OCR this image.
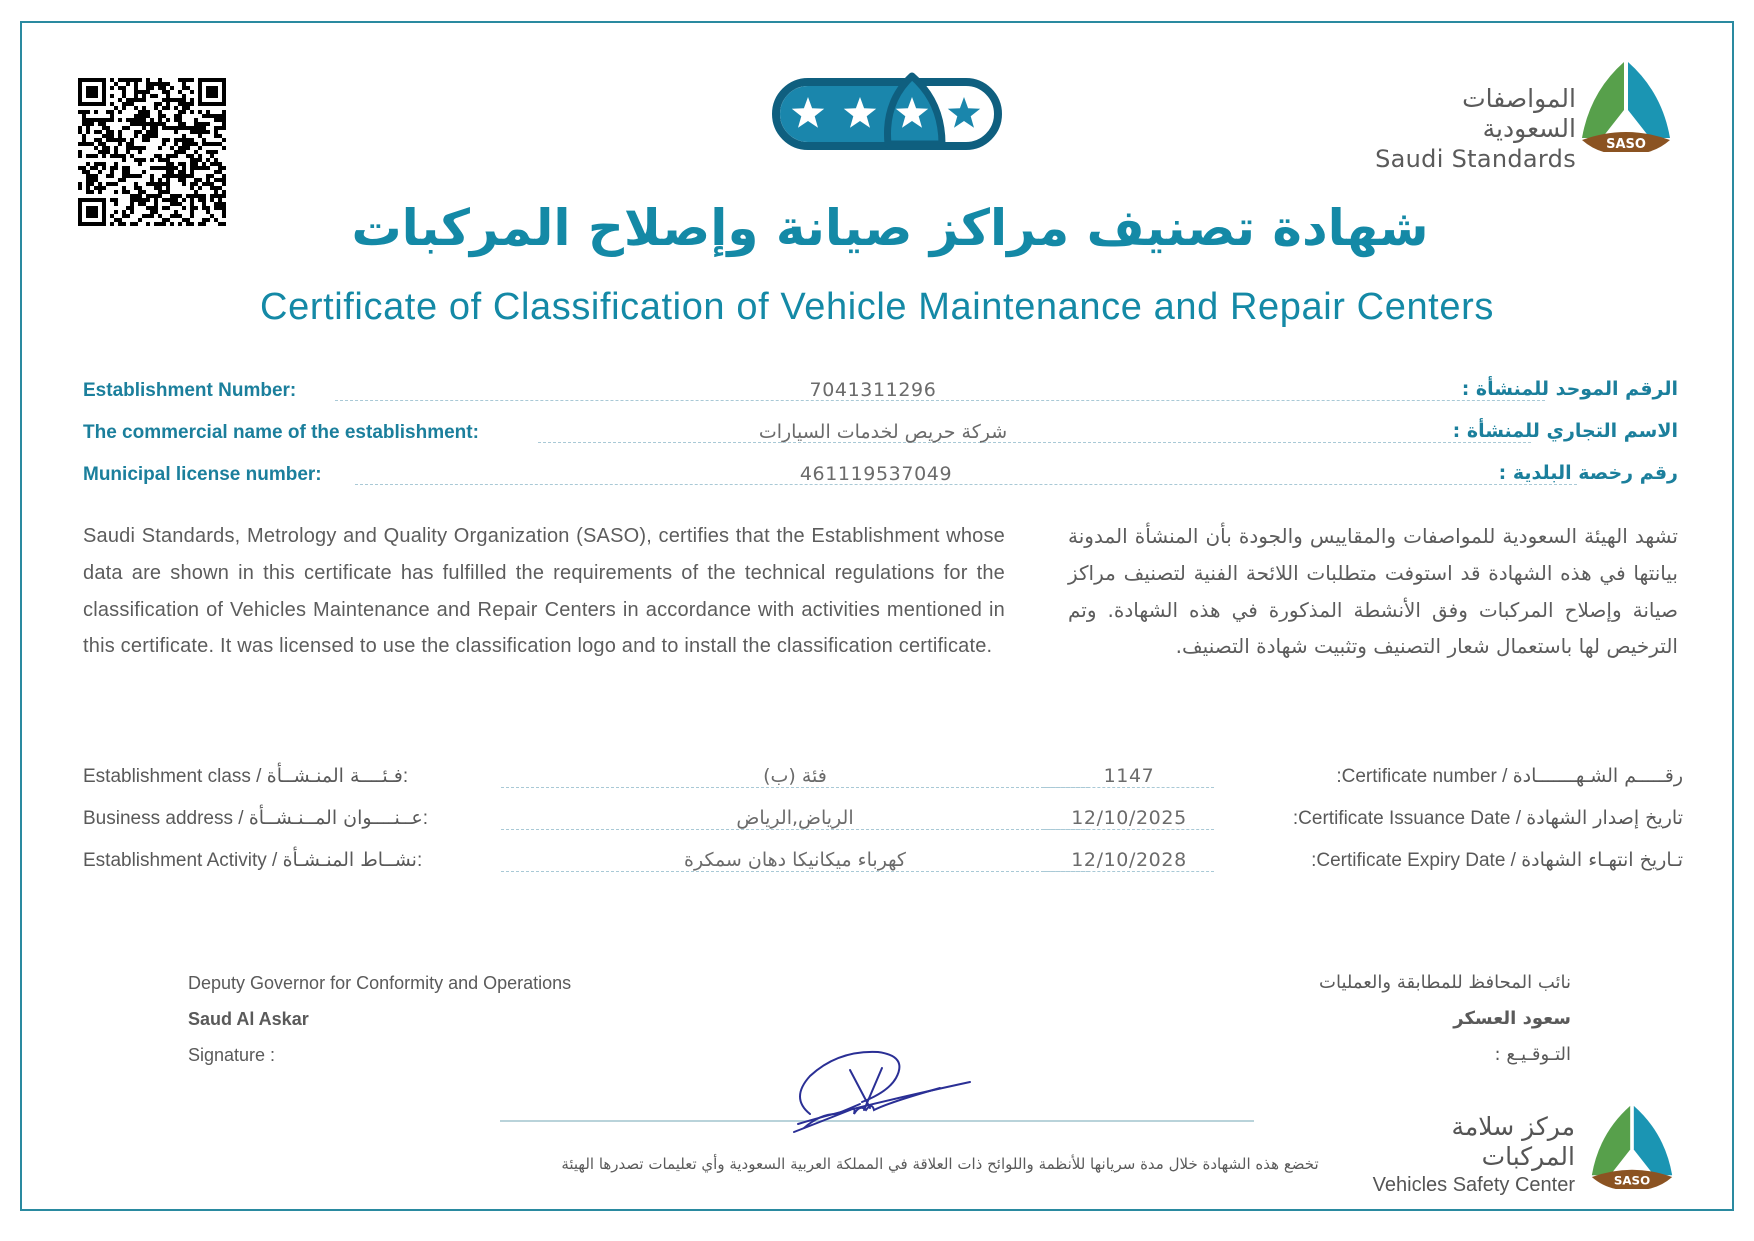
المواصفات السعودية
Saudi Standards
SASO
شهادة تصنيف مراكز صيانة وإصلاح المركبات
Certificate of Classification of Vehicle Maintenance and Repair Centers
Establishment Number:	7041311296	الرقم الموحد للمنشأة :
The commercial name of the establishment:	شركة حريص لخدمات السيارات	الاسم التجاري للمنشأة :
Municipal license number:	461119537049	رقم رخصة البلدية :
Saudi Standards, Metrology and Quality Organization (SASO), certifies that the Establishment whose data are shown in this certificate has fulfilled the requirements of the technical regulations for the classification of Vehicles Maintenance and Repair Centers in accordance with activities mentioned in this certificate. It was licensed to use the classification logo and to install the classification certificate.
تشهد الهيئة السعودية للمواصفات والمقاييس والجودة بأن المنشأة المدونة بيانتها في هذه الشهادة قد استوفت متطلبات اللائحة الفنية لتصنيف مراكز صيانة وإصلاح المركبات وفق الأنشطة المذكورة في هذه الشهادة. وتم الترخيص لها باستعمال شعار التصنيف وتثبيت شهادة التصنيف.
Establishment class / فـئــــة المنـشــأة:	فئة (ب)	1147	:Certificate number / رقـــــم الشـهـــــــادة
Business address / عــنــــوان المــنـشــأة:	الرياض,الرياض	12/10/2025	:Certificate Issuance Date / تاريخ إصدار الشهادة
Establishment Activity / نشــاط المنـشـأة:	كهرباء ميكانيكا دهان سمكرة	12/10/2028	:Certificate Expiry Date / تـاريخ انتهـاء الشهادة
Deputy Governor for Conformity and Operations
Saud Al Askar
Signature :
نائب المحافظ للمطابقة والعمليات
سعود العسكر
التـوقـيـع :
تخضع هذه الشهادة خلال مدة سريانها للأنظمة واللوائح ذات العلاقة في المملكة العربية السعودية وأي تعليمات تصدرها الهيئة
مركز سلامة المركبات
Vehicles Safety Center	SASO
